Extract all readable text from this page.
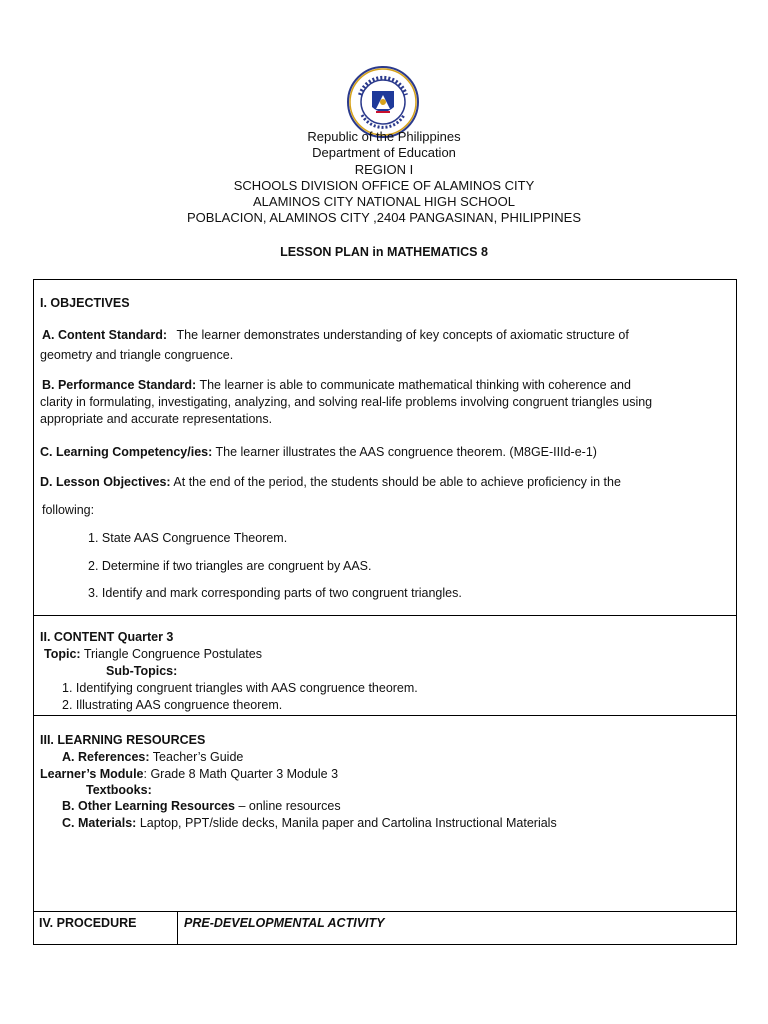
Republic of the Philippines
Department of Education
REGION I
SCHOOLS DIVISION OFFICE OF ALAMINOS CITY
ALAMINOS CITY NATIONAL HIGH SCHOOL
POBLACION, ALAMINOS CITY ,2404 PANGASINAN, PHILIPPINES
LESSON PLAN in MATHEMATICS 8
I. OBJECTIVES
A. Content Standard: The learner demonstrates understanding of key concepts of axiomatic structure of
geometry and triangle congruence.
B. Performance Standard: The learner is able to communicate mathematical thinking with coherence and
clarity in formulating, investigating, analyzing, and solving real-life problems involving congruent triangles using
appropriate and accurate representations.
C. Learning Competency/ies: The learner illustrates the AAS congruence theorem. (M8GE-IIId-e-1)
D. Lesson Objectives: At the end of the period, the students should be able to achieve proficiency in the
following:
1. State AAS Congruence Theorem.
2. Determine if two triangles are congruent by AAS.
3. Identify and mark corresponding parts of two congruent triangles.
II. CONTENT Quarter 3
Topic: Triangle Congruence Postulates
Sub-Topics:
1. Identifying congruent triangles with AAS congruence theorem.
2. Illustrating AAS congruence theorem.
III. LEARNING RESOURCES
A. References: Teacher’s Guide
Learner’s Module: Grade 8 Math Quarter 3 Module 3
Textbooks:
B. Other Learning Resources – online resources
C. Materials: Laptop, PPT/slide decks, Manila paper and Cartolina Instructional Materials
IV. PROCEDURE	PRE-DEVELOPMENTAL ACTIVITY
